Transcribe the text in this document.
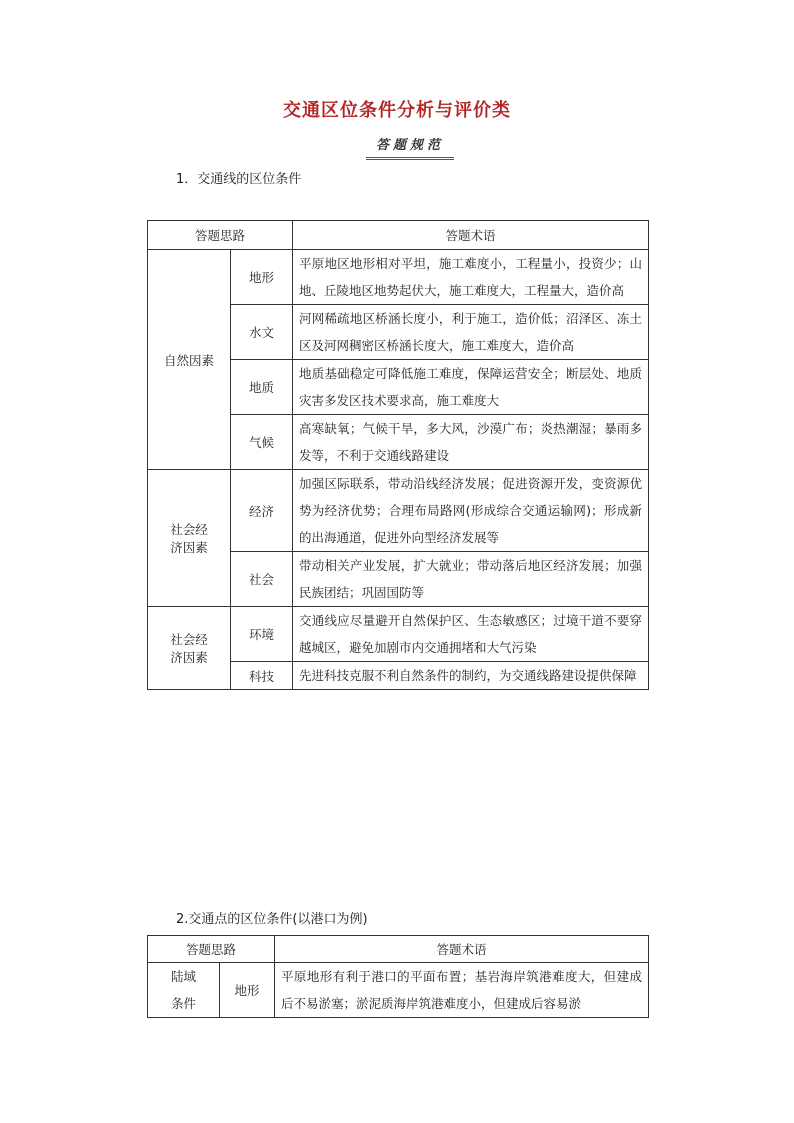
交通区位条件分析与评价类
答题规范
1．交通线的区位条件
答题思路		答题术语
自然因素	地形	平原地区地形相对平坦，施工难度小，工程量小，投资少；山地、丘陵地区地势起伏大，施工难度大，工程量大，造价高
	水文	河网稀疏地区桥涵长度小，利于施工，造价低；沼泽区、冻土区及河网稠密区桥涵长度大，施工难度大，造价高
	地质	地质基础稳定可降低施工难度，保障运营安全；断层处、地质灾害多发区技术要求高，施工难度大
	气候	高寒缺氧；气候干旱，多大风，沙漠广布；炎热潮湿；暴雨多发等，不利于交通线路建设
社会经济因素	经济	加强区际联系，带动沿线经济发展；促进资源开发，变资源优势为经济优势；合理布局路网(形成综合交通运输网)；形成新的出海通道，促进外向型经济发展等
	社会	带动相关产业发展，扩大就业；带动落后地区经济发展；加强民族团结；巩固国防等
社会经济因素	环境	交通线应尽量避开自然保护区、生态敏感区；过境干道不要穿越城区，避免加剧市内交通拥堵和大气污染
	科技	先进科技克服不利自然条件的制约，为交通线路建设提供保障
2.交通点的区位条件(以港口为例)
答题思路		答题术语
陆域条件	地形	平原地形有利于港口的平面布置；基岩海岸筑港难度大，但建成后不易淤塞；淤泥质海岸筑港难度小，但建成后容易淤
